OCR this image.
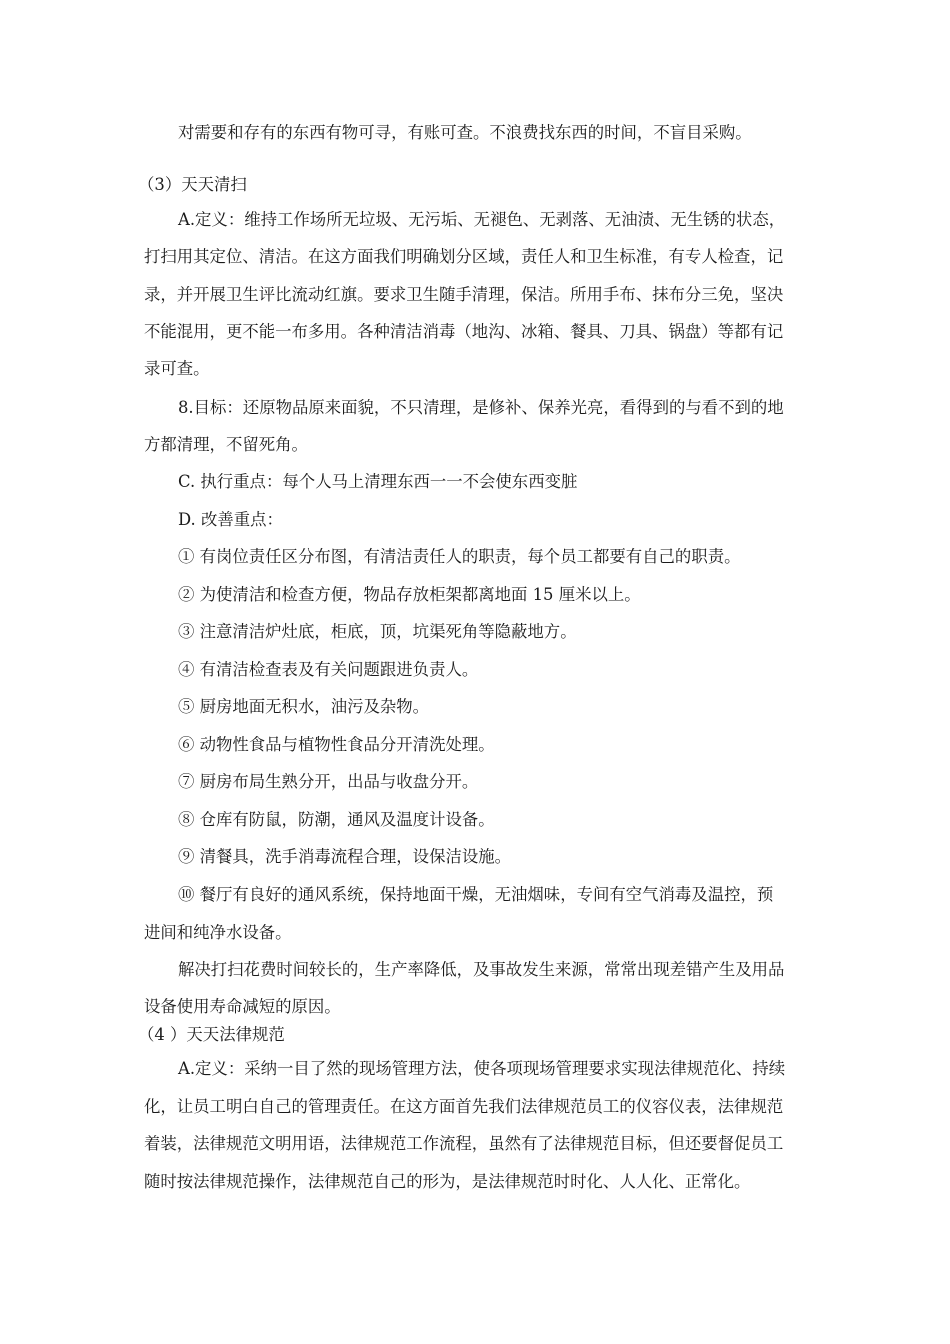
对需要和存有的东西有物可寻，有账可查。不浪费找东西的时间，不盲目采购。
（3）天天清扫
A.定义：维持工作场所无垃圾、无污垢、无褪色、无剥落、无油渍、无生锈的状态，
打扫用其定位、清洁。在这方面我们明确划分区域，责任人和卫生标准，有专人检查，记
录，并开展卫生评比流动红旗。要求卫生随手清理，保洁。所用手布、抹布分三免，坚决
不能混用，更不能一布多用。各种清洁消毒（地沟、冰箱、餐具、刀具、锅盘）等都有记
录可查。
8.目标：还原物品原来面貌，不只清理，是修补、保养光亮，看得到的与看不到的地
方都清理，不留死角。
C. 执行重点：每个人马上清理东西一一不会使东西变脏
D. 改善重点：
① 有岗位责任区分布图，有清洁责任人的职责，每个员工都要有自己的职责。
② 为使清洁和检查方便，物品存放柜架都离地面 15 厘米以上。
③ 注意清洁炉灶底，柜底，顶，坑渠死角等隐蔽地方。
④ 有清洁检查表及有关问题跟进负责人。
⑤ 厨房地面无积水，油污及杂物。
⑥ 动物性食品与植物性食品分开清洗处理。
⑦ 厨房布局生熟分开，出品与收盘分开。
⑧ 仓库有防鼠，防潮，通风及温度计设备。
⑨ 清餐具，洗手消毒流程合理，设保洁设施。
⑩ 餐厅有良好的通风系统，保持地面干燥，无油烟味，专间有空气消毒及温控，预
进间和纯净水设备。
解决打扫花费时间较长的，生产率降低，及事故发生来源，常常出现差错产生及用品
设备使用寿命减短的原因。
（4 ）天天法律规范
A.定义：采纳一目了然的现场管理方法，使各项现场管理要求实现法律规范化、持续
化，让员工明白自己的管理责任。在这方面首先我们法律规范员工的仪容仪表，法律规范
着装，法律规范文明用语，法律规范工作流程，虽然有了法律规范目标，但还要督促员工
随时按法律规范操作，法律规范自己的形为，是法律规范时时化、人人化、正常化。
